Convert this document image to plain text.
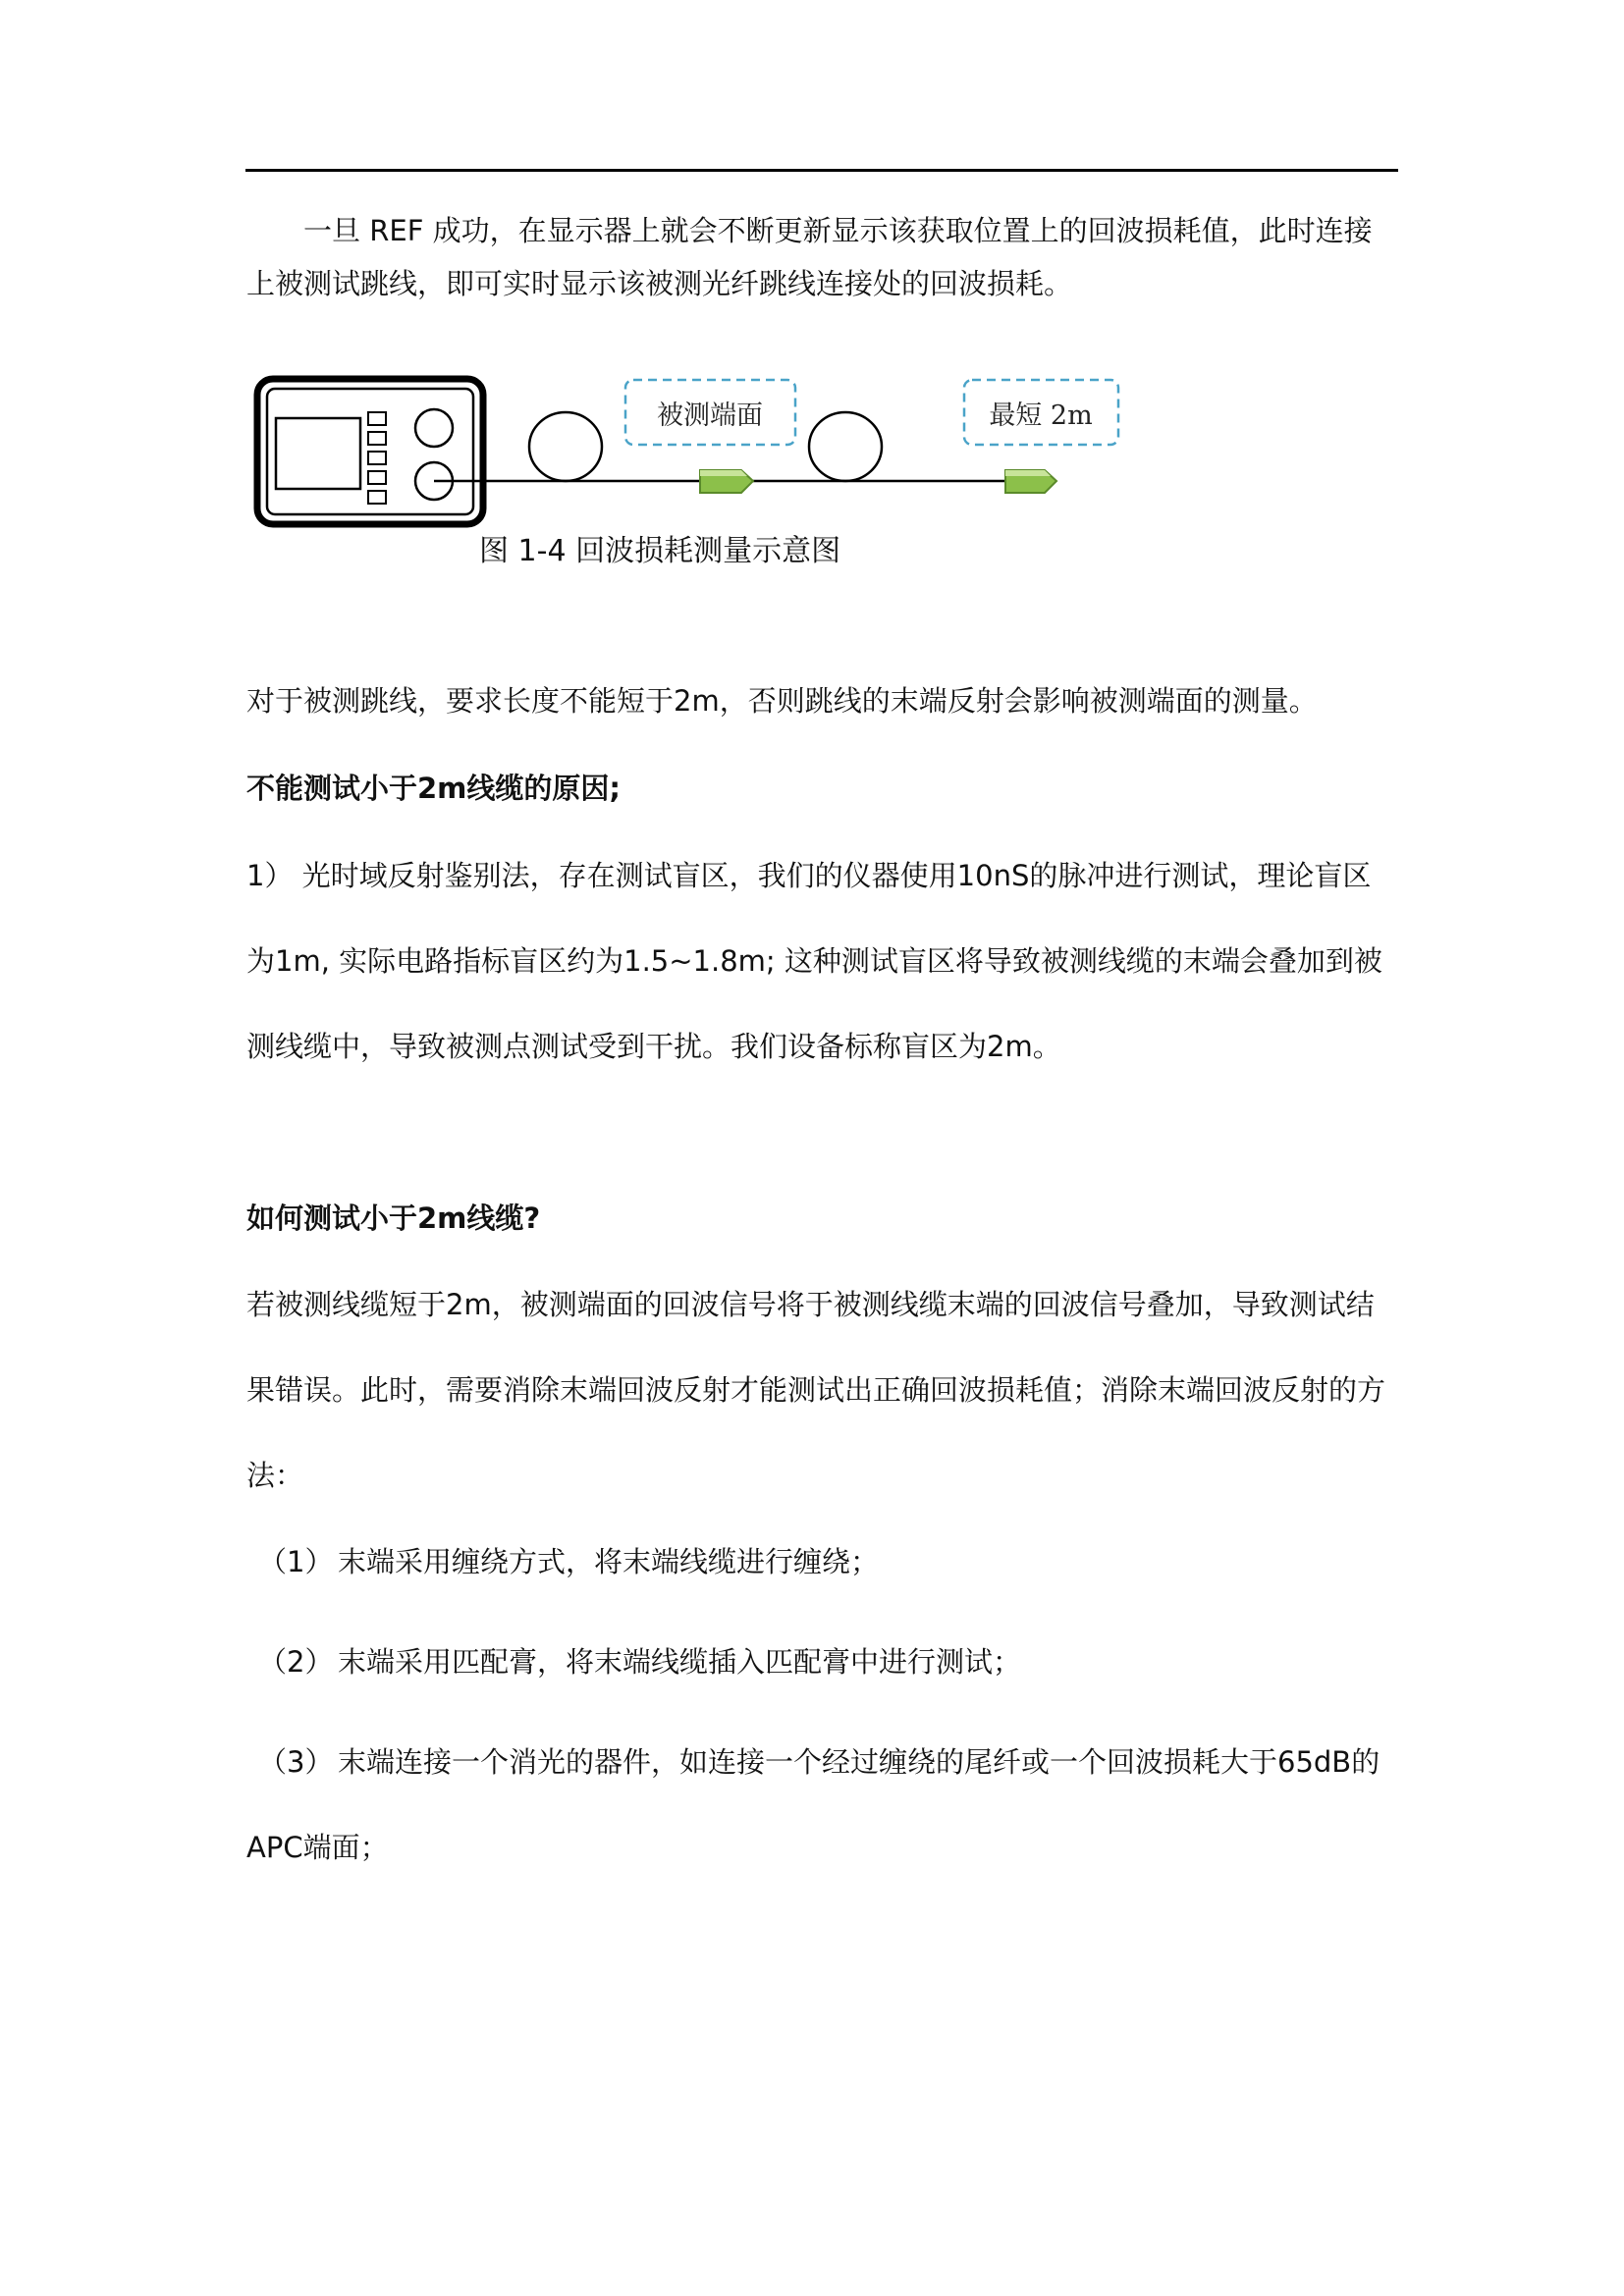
一旦 REF 成功，在显示器上就会不断更新显示该获取位置上的回波损耗值，此时连接上被测试跳线，即可实时显示该被测光纤跳线连接处的回波损耗。

被测端面	最短 2m
图 1-4 回波损耗测量示意图

对于被测跳线，要求长度不能短于2m，否则跳线的末端反射会影响被测端面的测量。

不能测试小于2m线缆的原因;

1） 光时域反射鉴别法，存在测试盲区，我们的仪器使用10nS的脉冲进行测试，理论盲区

为1m, 实际电路指标盲区约为1.5~1.8m; 这种测试盲区将导致被测线缆的末端会叠加到被

测线缆中，导致被测点测试受到干扰。我们设备标称盲区为2m。

如何测试小于2m线缆?

若被测线缆短于2m，被测端面的回波信号将于被测线缆末端的回波信号叠加，导致测试结

果错误。此时，需要消除末端回波反射才能测试出正确回波损耗值；消除末端回波反射的方

法：

（1） 末端采用缠绕方式，将末端线缆进行缠绕；
（2） 末端采用匹配膏，将末端线缆插入匹配膏中进行测试；
（3） 末端连接一个消光的器件，如连接一个经过缠绕的尾纤或一个回波损耗大于65dB的

APC端面；
